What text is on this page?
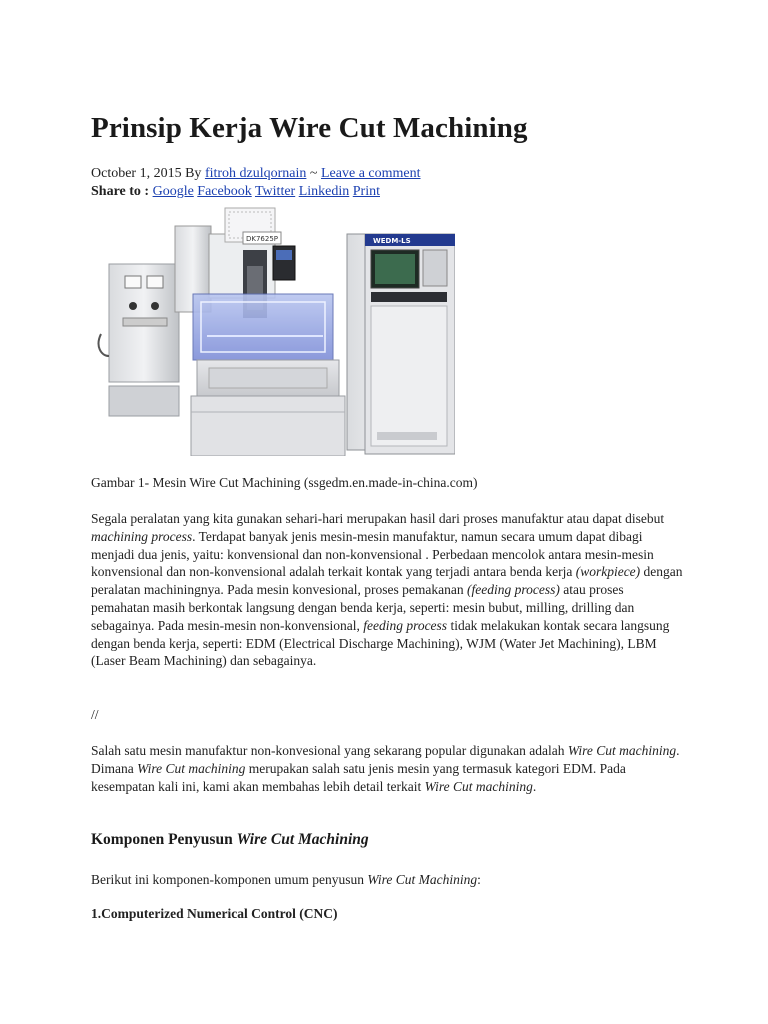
Prinsip Kerja Wire Cut Machining
October 1, 2015 By fitroh dzulqornain ~ Leave a comment
Share to : Google Facebook Twitter Linkedin Print
DK7625P	WEDM-LS
Gambar 1- Mesin Wire Cut Machining (ssgedm.en.made-in-china.com)

Segala peralatan yang kita gunakan sehari-hari merupakan hasil dari proses manufaktur atau dapat disebut machining process. Terdapat banyak jenis mesin-mesin manufaktur, namun secara umum dapat dibagi menjadi dua jenis, yaitu: konvensional dan non-konvensional . Perbedaan mencolok antara mesin-mesin konvensional dan non-konvensional adalah terkait kontak yang terjadi antara benda kerja (workpiece) dengan peralatan machiningnya. Pada mesin konvesional, proses pemakanan (feeding process) atau proses pemahatan masih berkontak langsung dengan benda kerja, seperti: mesin bubut, milling, drilling dan sebagainya. Pada mesin-mesin non-konvensional, feeding process tidak melakukan kontak secara langsung dengan benda kerja, seperti: EDM (Electrical Discharge Machining), WJM (Water Jet Machining), LBM (Laser Beam Machining) dan sebagainya.

//

Salah satu mesin manufaktur non-konvesional yang sekarang popular digunakan adalah Wire Cut machining. Dimana Wire Cut machining merupakan salah satu jenis mesin yang termasuk kategori EDM. Pada kesempatan kali ini, kami akan membahas lebih detail terkait Wire Cut machining.

Komponen Penyusun Wire Cut Machining

Berikut ini komponen-komponen umum penyusun Wire Cut Machining:

1.Computerized Numerical Control (CNC)
